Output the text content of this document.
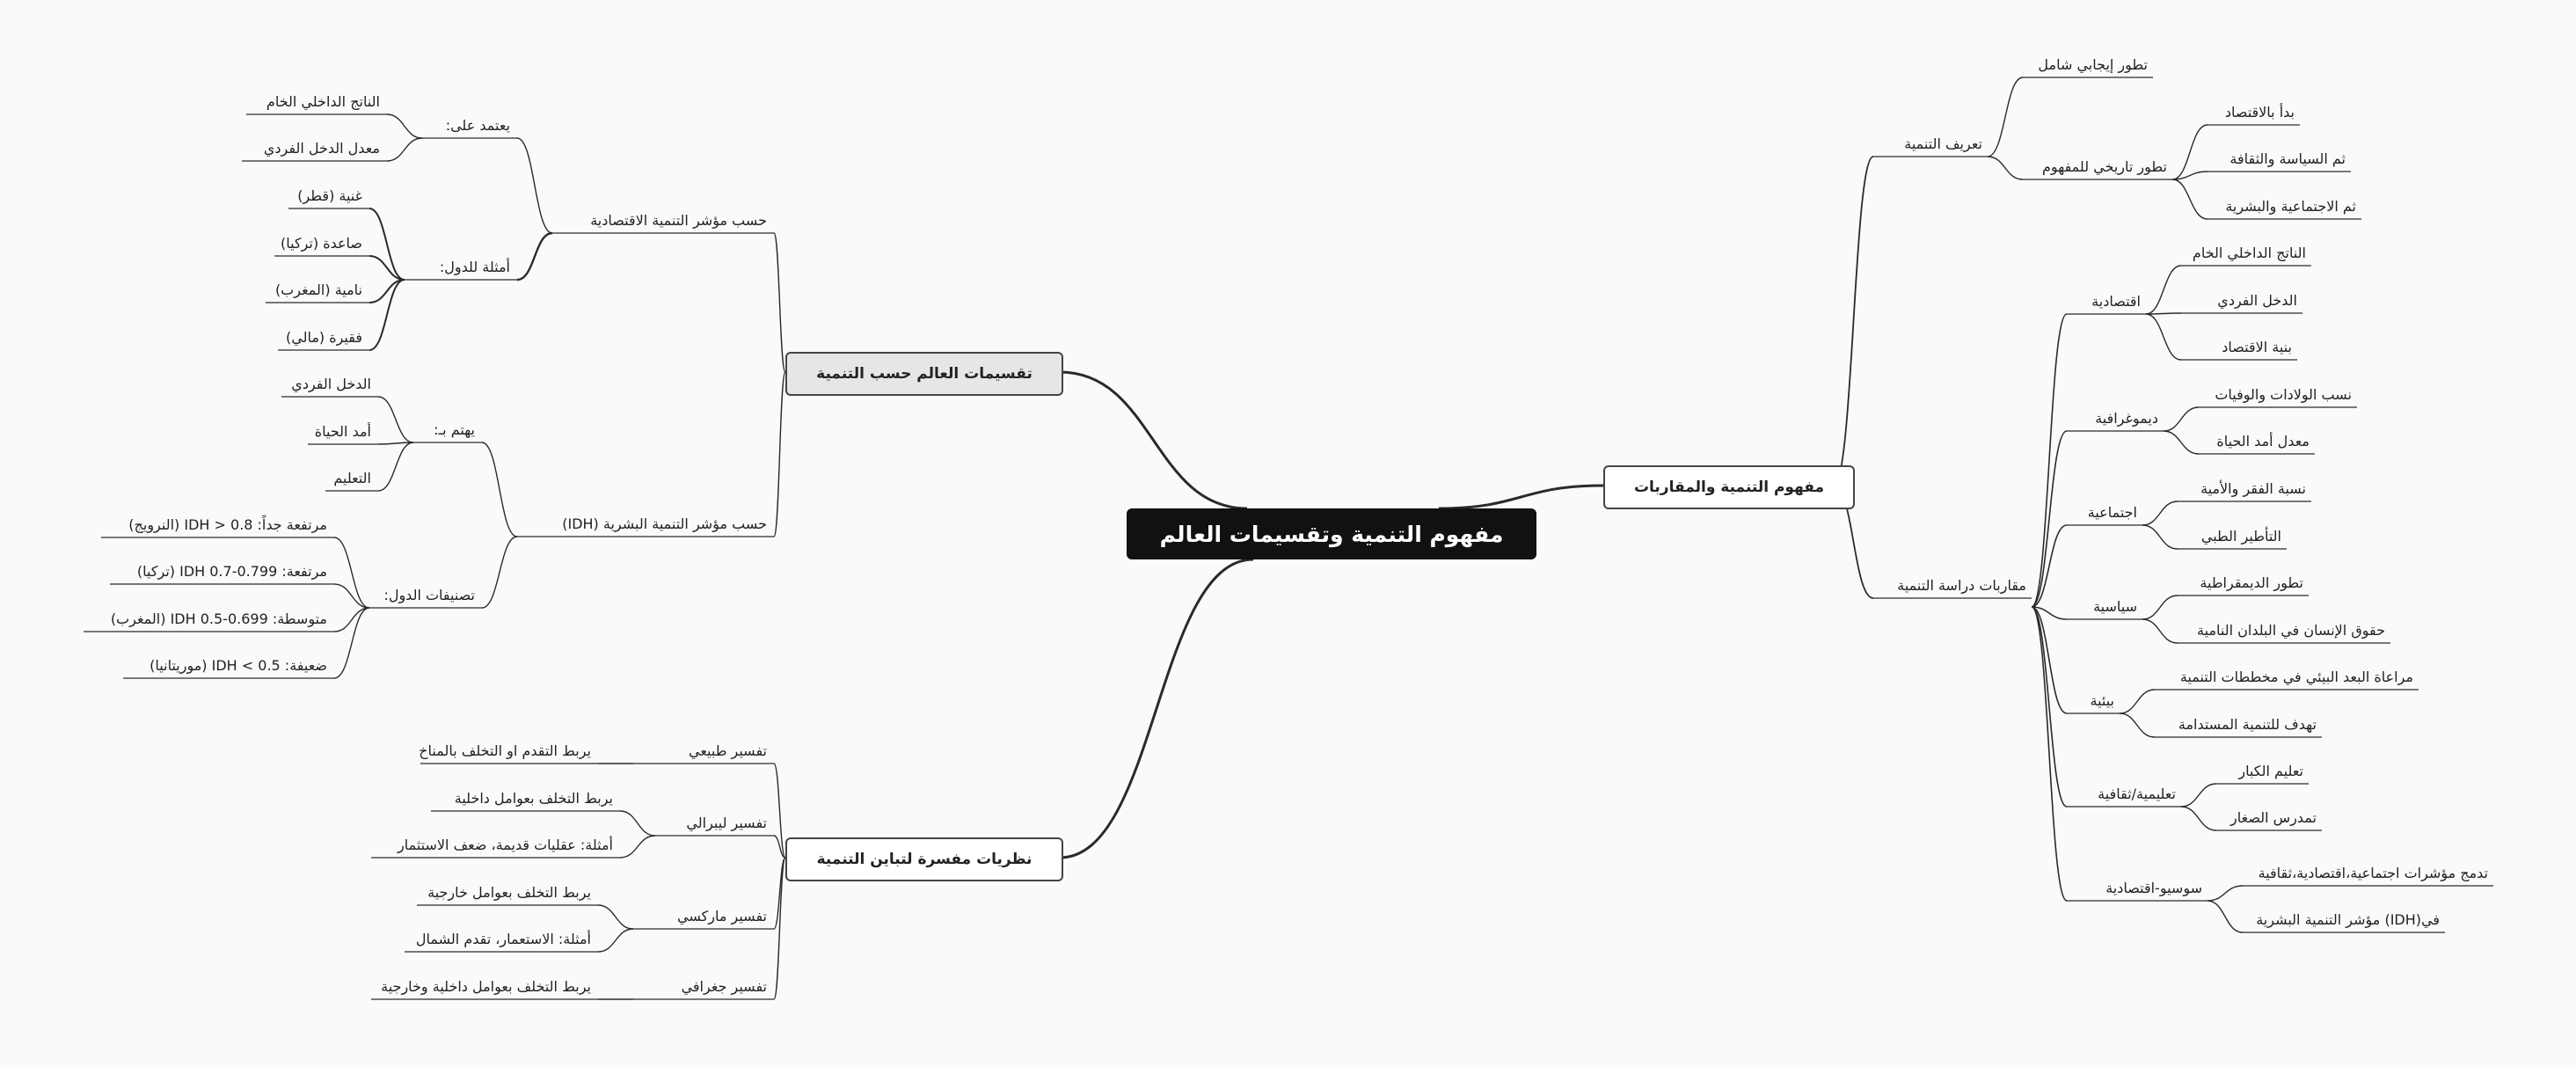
مفهوم التنمية وتقسيمات العالم
مفهوم التنمية والمقاربات
تقسيمات العالم حسب التنمية
نظريات مفسرة لتباين التنمية
تعريف التنمية
تطور إيجابي شامل
تطور تاريخي للمفهوم
بدأ بالاقتصاد
ثم السياسة والثقافة
ثم الاجتماعية والبشرية
مقاربات دراسة التنمية
اقتصادية
الناتج الداخلي الخام
الدخل الفردي
بنية الاقتصاد
ديموغرافية
نسب الولادات والوفيات
معدل أمد الحياة
اجتماعية
نسبة الفقر والأمية
التأطير الطبي
سياسية
تطور الديمقراطية
حقوق الإنسان في البلدان النامية
بيئية
مراعاة البعد البيئي في مخططات التنمية
تهدف للتنمية المستدامة
تعليمية/ثقافية
تعليم الكبار
تمدرس الصغار
سوسيو-اقتصادية
تدمج مؤشرات اجتماعية،اقتصادية،ثقافية
في(IDH) مؤشر التنمية البشرية
حسب مؤشر التنمية الاقتصادية
يعتمد على:
الناتج الداخلي الخام
معدل الدخل الفردي
أمثلة للدول:
غنية (قطر)
صاعدة (تركيا)
نامية (المغرب)
فقيرة (مالي)
حسب مؤشر التنمية البشرية (IDH)
يهتم بـ:
الدخل الفردي
أمد الحياة
التعليم
تصنيفات الدول:
مرتفعة جداً: IDH > 0.8 (النرويج)
مرتفعة: IDH 0.7-0.799 (تركيا)
متوسطة: IDH 0.5-0.699 (المغرب)
ضعيفة: IDH < 0.5 (موريتانيا)
تفسير طبيعي
يربط التقدم او التخلف بالمناخ
تفسير ليبرالي
يربط التخلف بعوامل داخلية
أمثلة: عقليات قديمة، ضعف الاستثمار
تفسير ماركسي
يربط التخلف بعوامل خارجية
أمثلة: الاستعمار، تقدم الشمال
تفسير جغرافي
يربط التخلف بعوامل داخلية وخارجية
